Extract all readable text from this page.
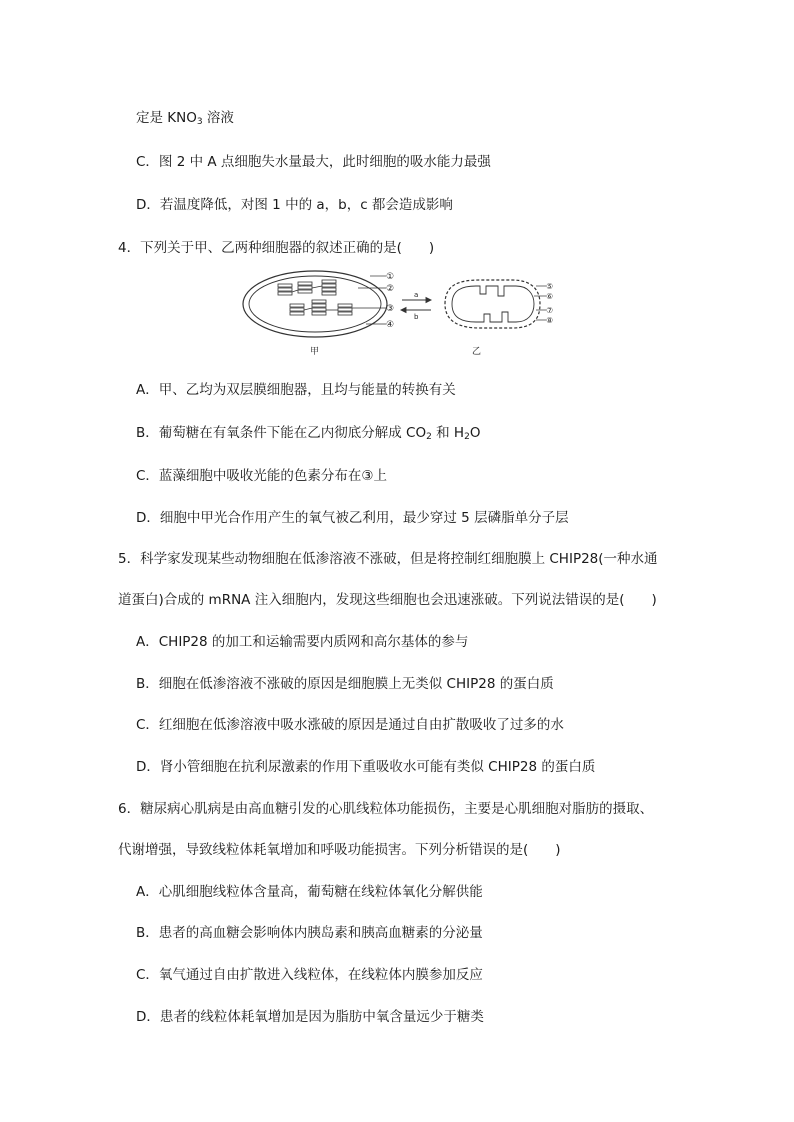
定是 $KNO_3$ 溶液
C．图 2 中 A 点细胞失水量最大，此时细胞的吸水能力最强
D．若温度降低，对图 1 中的 a，b，c 都会造成影响
4．下列关于甲、乙两种细胞器的叙述正确的是(　　)
①
②
③
④
a
b
⑤
⑥
⑦
⑧
甲	乙
A．甲、乙均为双层膜细胞器，且均与能量的转换有关
B．葡萄糖在有氧条件下能在乙内彻底分解成 $CO_2$ 和 $H_2O$
C．蓝藻细胞中吸收光能的色素分布在③上
D．细胞中甲光合作用产生的氧气被乙利用，最少穿过 5 层磷脂单分子层
5．科学家发现某些动物细胞在低渗溶液不涨破，但是将控制红细胞膜上 CHIP28(一种水通
道蛋白)合成的 mRNA 注入细胞内，发现这些细胞也会迅速涨破。下列说法错误的是(　　)
A．CHIP28 的加工和运输需要内质网和高尔基体的参与
B．细胞在低渗溶液不涨破的原因是细胞膜上无类似 CHIP28 的蛋白质
C．红细胞在低渗溶液中吸水涨破的原因是通过自由扩散吸收了过多的水
D．肾小管细胞在抗利尿激素的作用下重吸收水可能有类似 CHIP28 的蛋白质
6．糖尿病心肌病是由高血糖引发的心肌线粒体功能损伤，主要是心肌细胞对脂肪的摄取、
代谢增强，导致线粒体耗氧增加和呼吸功能损害。下列分析错误的是(　　)
A．心肌细胞线粒体含量高，葡萄糖在线粒体氧化分解供能
B．患者的高血糖会影响体内胰岛素和胰高血糖素的分泌量
C．氧气通过自由扩散进入线粒体，在线粒体内膜参加反应
D．患者的线粒体耗氧增加是因为脂肪中氧含量远少于糖类
